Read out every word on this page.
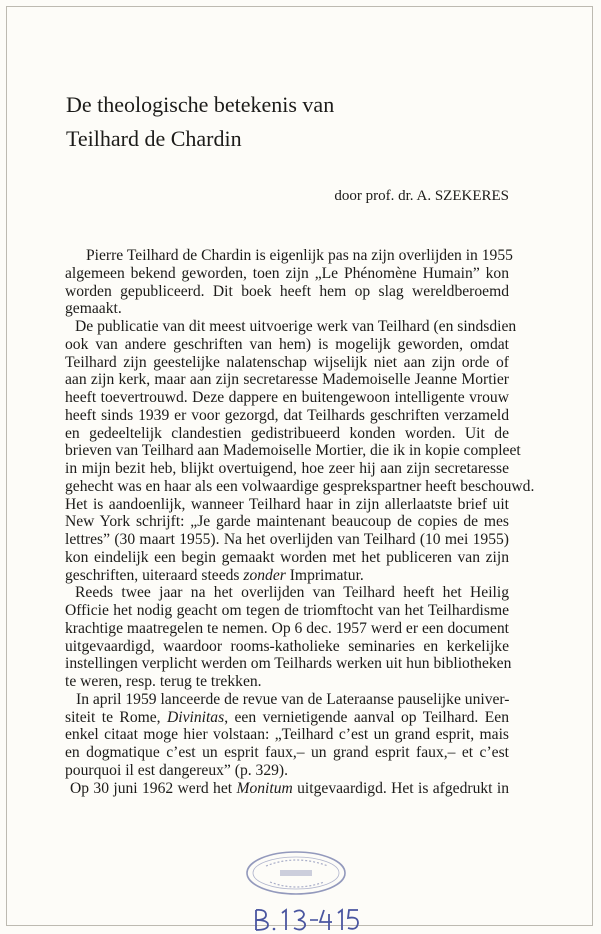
De theologische betekenis van
Teilhard de Chardin
door prof. dr. A. SZEKERES
Pierre Teilhard de Chardin is eigenlijk pas na zijn overlijden in 1955
algemeen bekend geworden, toen zijn „Le Phénomène Humain” kon
worden gepubliceerd. Dit boek heeft hem op slag wereldberoemd
gemaakt.
De publicatie van dit meest uitvoerige werk van Teilhard (en sindsdien
ook van andere geschriften van hem) is mogelijk geworden, omdat
Teilhard zijn geestelijke nalatenschap wijselijk niet aan zijn orde of
aan zijn kerk, maar aan zijn secretaresse Mademoiselle Jeanne Mortier
heeft toevertrouwd. Deze dappere en buitengewoon intelligente vrouw
heeft sinds 1939 er voor gezorgd, dat Teilhards geschriften verzameld
en gedeeltelijk clandestien gedistribueerd konden worden. Uit de
brieven van Teilhard aan Mademoiselle Mortier, die ik in kopie compleet
in mijn bezit heb, blijkt overtuigend, hoe zeer hij aan zijn secretaresse
gehecht was en haar als een volwaardige gesprekspartner heeft beschouwd.
Het is aandoenlijk, wanneer Teilhard haar in zijn allerlaatste brief uit
New York schrijft: „Je garde maintenant beaucoup de copies de mes
lettres” (30 maart 1955). Na het overlijden van Teilhard (10 mei 1955)
kon eindelijk een begin gemaakt worden met het publiceren van zijn
geschriften, uiteraard steeds zonder Imprimatur.
Reeds twee jaar na het overlijden van Teilhard heeft het Heilig
Officie het nodig geacht om tegen de triomftocht van het Teilhardisme
krachtige maatregelen te nemen. Op 6 dec. 1957 werd er een document
uitgevaardigd, waardoor rooms-katholieke seminaries en kerkelijke
instellingen verplicht werden om Teilhards werken uit hun bibliotheken
te weren, resp. terug te trekken.
In april 1959 lanceerde de revue van de Lateraanse pauselijke univer-
siteit te Rome, Divinitas, een vernietigende aanval op Teilhard. Een
enkel citaat moge hier volstaan: „Teilhard c’est un grand esprit, mais
en dogmatique c’est un esprit faux,– un grand esprit faux,– et c’est
pourquoi il est dangereux” (p. 329).
Op 30 juni 1962 werd het Monitum uitgevaardigd. Het is afgedrukt in
